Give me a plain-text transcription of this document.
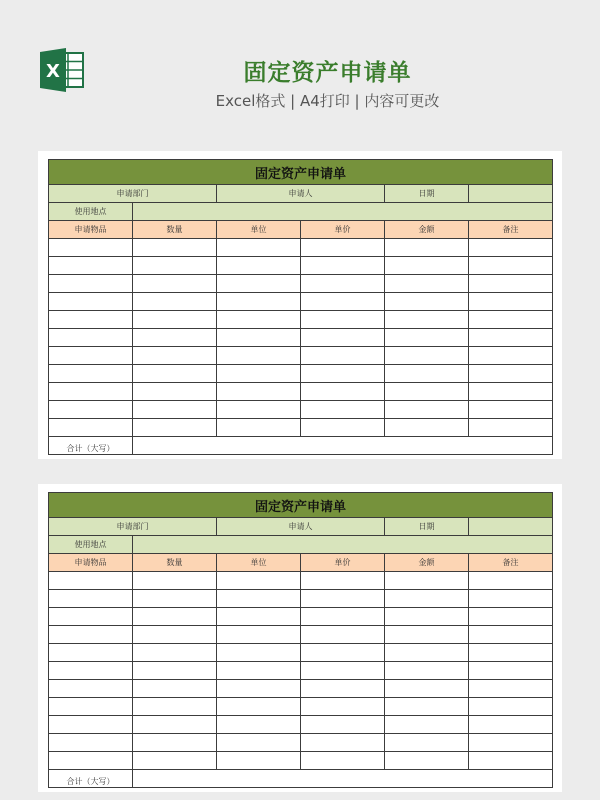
X	固定资产申请单
Excel格式 | A4打印 | 内容可更改
固定资产申请单					
申请部门		申请人		日期	
使用地点					
申请物品	数量	单位	单价	金额	备注

合计（大写）					
固定资产申请单					
申请部门		申请人		日期	
使用地点					
申请物品	数量	单位	单价	金额	备注

合计（大写）					
